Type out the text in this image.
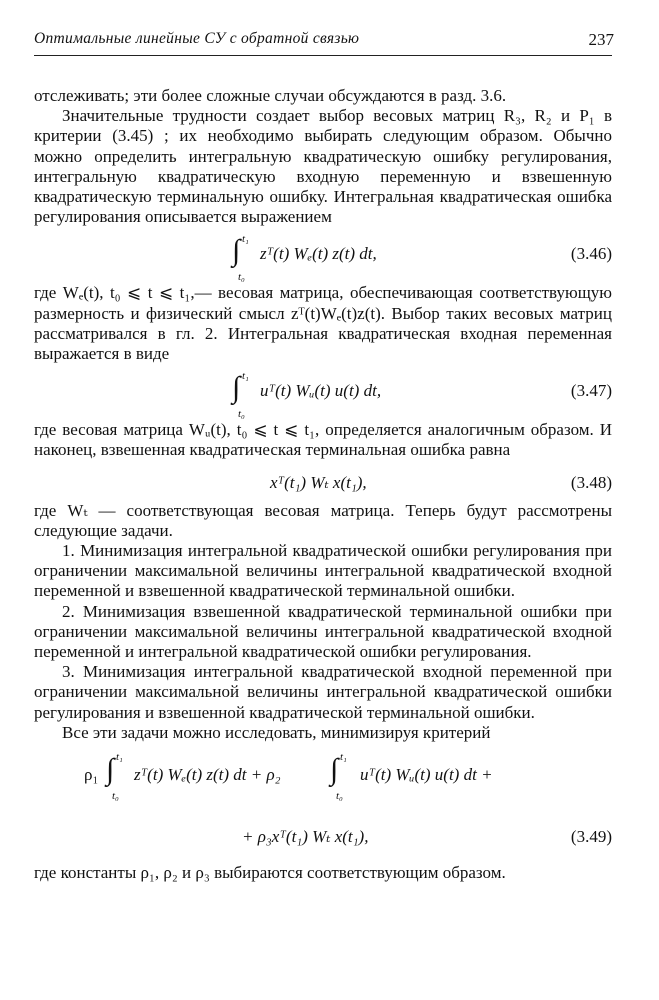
Оптимальные линейные СУ с обратной связью	237

отслеживать; эти более сложные случаи обсуждаются в разд. 3.6.

Значительные трудности создает выбор весовых матриц R₃, R₂ и P₁ в критерии (3.45) ; их необходимо выбирать следующим образом. Обычно можно определить интегральную квадратическую ошибку регулирования, интегральную квадратическую входную переменную и взвешенную квадратическую терминальную ошибку. Интегральная квадратическая ошибка регулирования описывается выражением

∫ t₁
t₀
zᵀ(t) Wₑ(t) z(t) dt,	(3.46)

где Wₑ(t), t₀ ⩽ t ⩽ t₁,— весовая матрица, обеспечивающая соответствующую размерность и физический смысл zᵀ(t)Wₑ(t)z(t). Выбор таких весовых матриц рассматривался в гл. 2. Интегральная квадратическая входная переменная выражается в виде

∫ t₁
t₀
uᵀ(t) Wᵤ(t) u(t) dt,	(3.47)

где весовая матрица Wᵤ(t), t₀ ⩽ t ⩽ t₁, определяется аналогичным образом. И наконец, взвешенная квадратическая терминальная ошибка равна

xᵀ(t₁) Wₜ x(t₁),	(3.48)

где Wₜ — соответствующая весовая матрица. Теперь будут рассмотрены следующие задачи.

1. Минимизация интегральной квадратической ошибки регулирования при ограничении максимальной величины интегральной квадратической входной переменной и взвешенной квадратической терминальной ошибки.

2. Минимизация взвешенной квадратической терминальной ошибки при ограничении максимальной величины интегральной квадратической входной переменной и интегральной квадратической ошибки регулирования.

3. Минимизация интегральной квадратической входной переменной при ограничении максимальной величины интегральной квадратической ошибки регулирования и взвешенной квадратической терминальной ошибки.

Все эти задачи можно исследовать, минимизируя критерий

ρ₁ ∫ t₁
t₀
zᵀ(t) Wₑ(t) z(t) dt + ρ₂ ∫ t₁
t₀
uᵀ(t) Wᵤ(t) u(t) dt +
+ ρ₃xᵀ(t₁) Wₜ x(t₁),	(3.49)

где константы ρ₁, ρ₂ и ρ₃ выбираются соответствующим образом.
